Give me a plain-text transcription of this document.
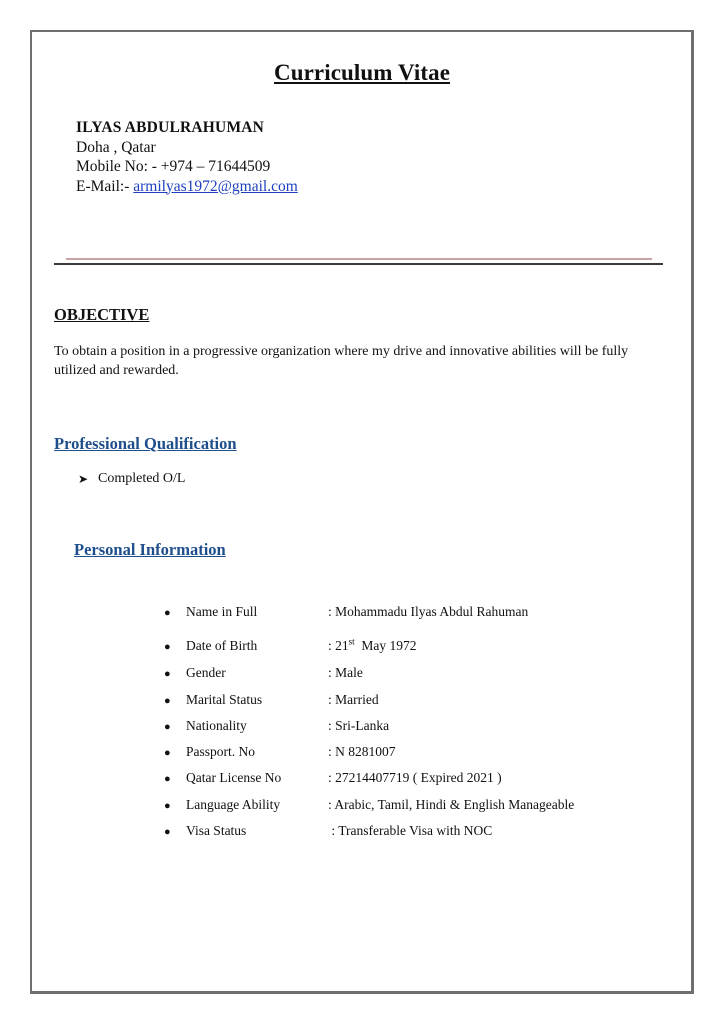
Curriculum Vitae
ILYAS ABDULRAHUMAN
Doha , Qatar
Mobile No: - +974 – 71644509
E-Mail:- armilyas1972@gmail.com
OBJECTIVE
To obtain a position in a progressive organization where my drive and innovative abilities will be fully utilized and rewarded.
Professional Qualification
➤ Completed O/L
Personal Information
●	Name in Full	: Mohammadu Ilyas Abdul Rahuman
●	Date of Birth	: 21st  May 1972
●	Gender	: Male
●	Marital Status	: Married
●	Nationality	: Sri-Lanka
●	Passport. No	: N 8281007
●	Qatar License No	: 27214407719 ( Expired 2021 )
●	Language Ability	: Arabic, Tamil, Hindi & English Manageable
●	Visa Status	: Transferable Visa with NOC
